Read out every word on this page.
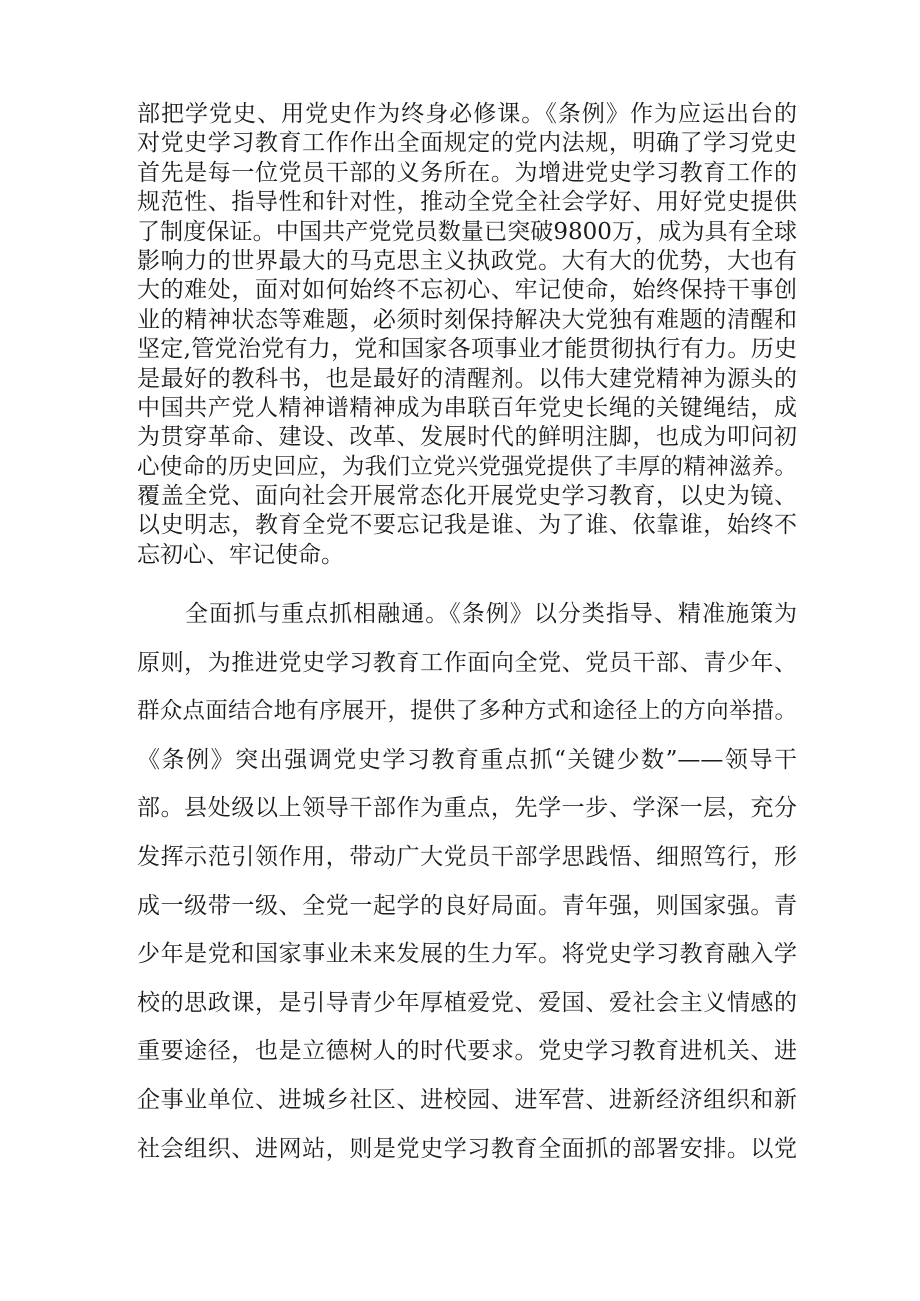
部把学党史、用党史作为终身必修课。《条例》作为应运出台的
对党史学习教育工作作出全面规定的党内法规，明确了学习党史
首先是每一位党员干部的义务所在。为增进党史学习教育工作的
规范性、指导性和针对性，推动全党全社会学好、用好党史提供
了制度保证。中国共产党党员数量已突破9800万，成为具有全球
影响力的世界最大的马克思主义执政党。大有大的优势，大也有
大的难处，面对如何始终不忘初心、牢记使命，始终保持干事创
业的精神状态等难题，必须时刻保持解决大党独有难题的清醒和
坚定,管党治党有力，党和国家各项事业才能贯彻执行有力。历史
是最好的教科书，也是最好的清醒剂。以伟大建党精神为源头的
中国共产党人精神谱精神成为串联百年党史长绳的关键绳结，成
为贯穿革命、建设、改革、发展时代的鲜明注脚，也成为叩问初
心使命的历史回应，为我们立党兴党强党提供了丰厚的精神滋养。
覆盖全党、面向社会开展常态化开展党史学习教育，以史为镜、
以史明志，教育全党不要忘记我是谁、为了谁、依靠谁，始终不
忘初心、牢记使命。
　　全面抓与重点抓相融通。《条例》以分类指导、精准施策为
原则，为推进党史学习教育工作面向全党、党员干部、青少年、
群众点面结合地有序展开，提供了多种方式和途径上的方向举措。
《条例》突出强调党史学习教育重点抓“关键少数”——领导干
部。县处级以上领导干部作为重点，先学一步、学深一层，充分
发挥示范引领作用，带动广大党员干部学思践悟、细照笃行，形
成一级带一级、全党一起学的良好局面。青年强，则国家强。青
少年是党和国家事业未来发展的生力军。将党史学习教育融入学
校的思政课，是引导青少年厚植爱党、爱国、爱社会主义情感的
重要途径，也是立德树人的时代要求。党史学习教育进机关、进
企事业单位、进城乡社区、进校园、进军营、进新经济组织和新
社会组织、进网站，则是党史学习教育全面抓的部署安排。以党
